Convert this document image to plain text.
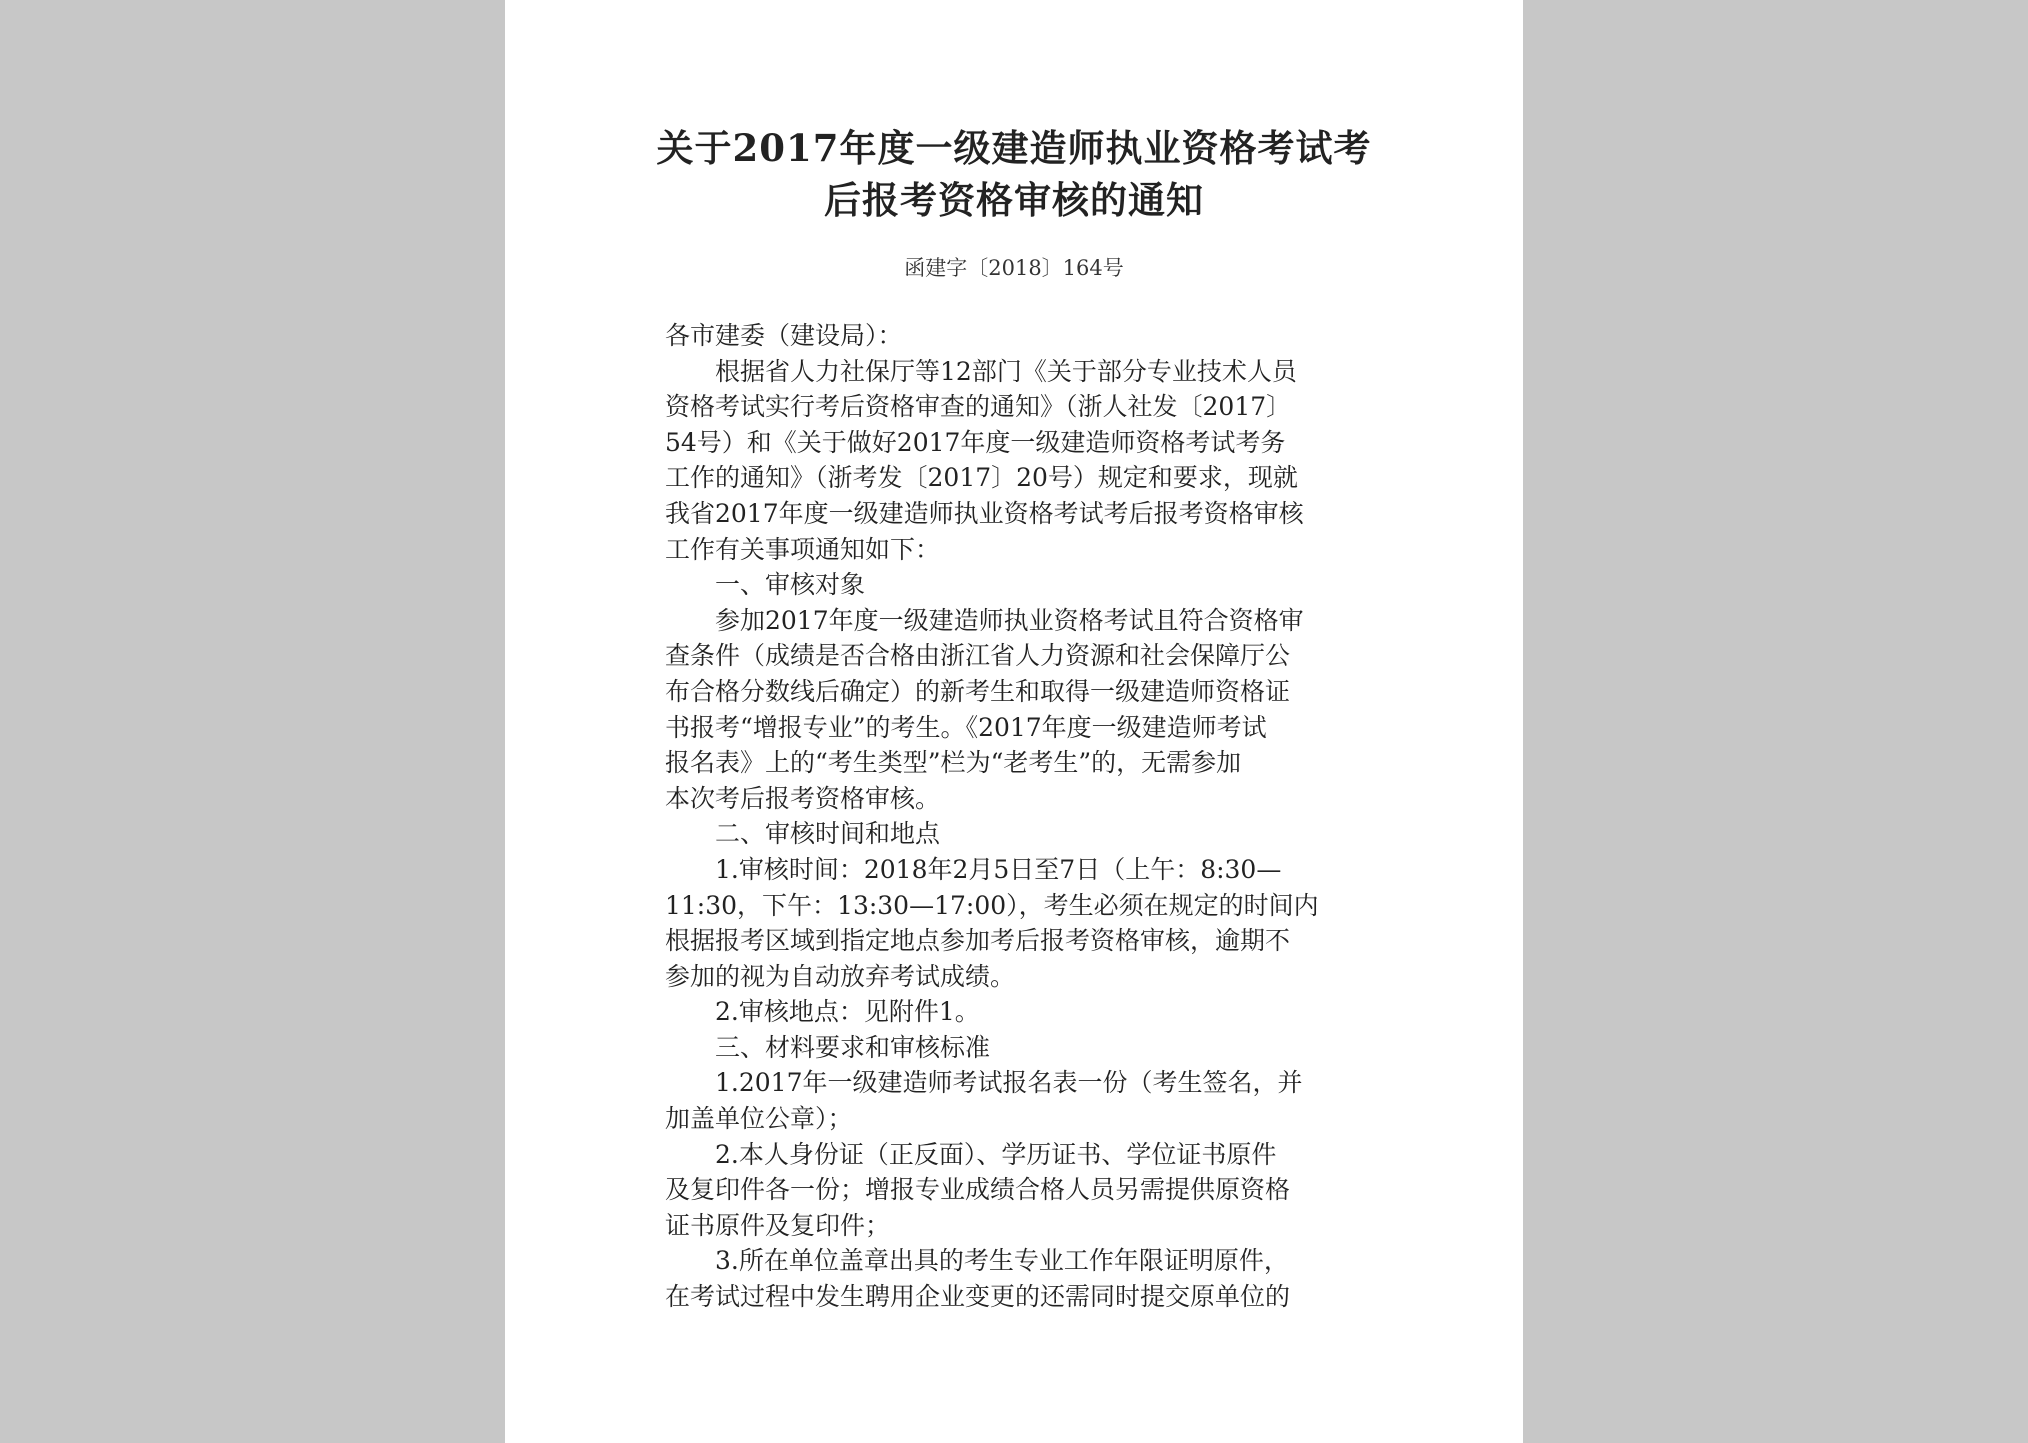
关于2017年度一级建造师执业资格考试考
后报考资格审核的通知
函建字〔2018〕164号
各市建委（建设局）：
　　根据省人力社保厅等12部门《关于部分专业技术人员
资格考试实行考后资格审查的通知》（浙人社发〔2017〕
54号）和《关于做好2017年度一级建造师资格考试考务
工作的通知》（浙考发〔2017〕20号）规定和要求，现就
我省2017年度一级建造师执业资格考试考后报考资格审核
工作有关事项通知如下：
　　一、审核对象
　　参加2017年度一级建造师执业资格考试且符合资格审
查条件（成绩是否合格由浙江省人力资源和社会保障厅公
布合格分数线后确定）的新考生和取得一级建造师资格证
书报考“增报专业”的考生。《2017年度一级建造师考试
报名表》上的“考生类型”栏为“老考生”的，无需参加
本次考后报考资格审核。
　　二、审核时间和地点
　　1.审核时间：2018年2月5日至7日（上午：8:30—
11:30，下午：13:30—17:00），考生必须在规定的时间内
根据报考区域到指定地点参加考后报考资格审核，逾期不
参加的视为自动放弃考试成绩。
　　2.审核地点：见附件1。
　　三、材料要求和审核标准
　　1.2017年一级建造师考试报名表一份（考生签名，并
加盖单位公章）；
　　2.本人身份证（正反面）、学历证书、学位证书原件
及复印件各一份；增报专业成绩合格人员另需提供原资格
证书原件及复印件；
　　3.所在单位盖章出具的考生专业工作年限证明原件，
在考试过程中发生聘用企业变更的还需同时提交原单位的
